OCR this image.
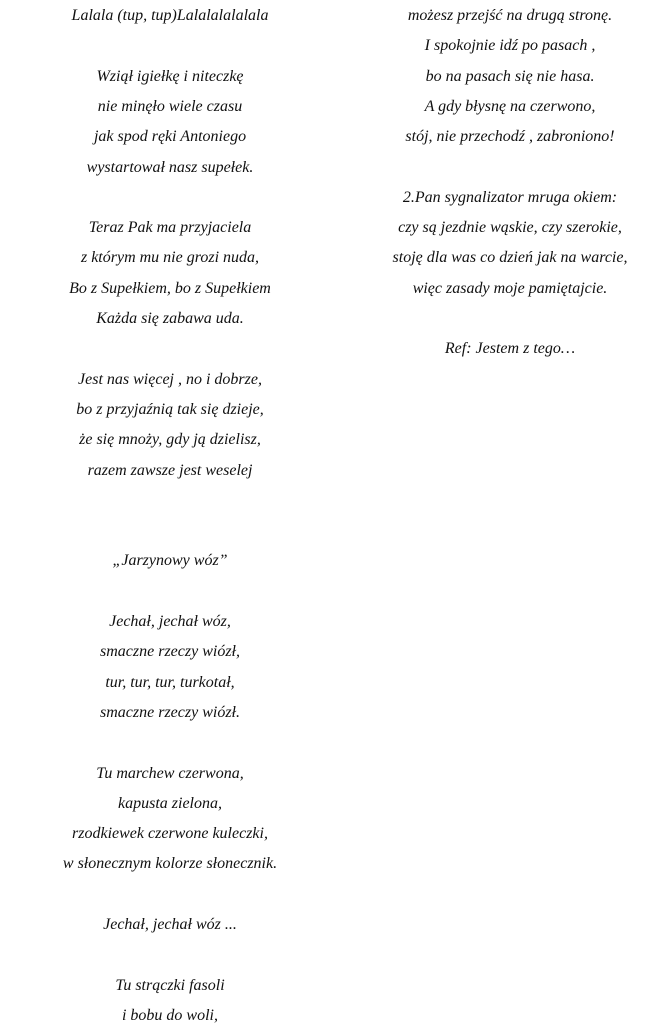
Lalala (tup, tup)Lalalalalalala
Wziął igiełkę i niteczkę
nie minęło wiele czasu
jak spod ręki Antoniego
wystartował nasz supełek.
Teraz Pak ma przyjaciela
z którym mu nie grozi nuda,
Bo z Supełkiem, bo z Supełkiem
Każda się zabawa uda.
Jest nas więcej , no i dobrze,
bo z przyjaźnią tak się dzieje,
że się mnoży, gdy ją dzielisz,
razem zawsze jest weselej
„Jarzynowy wóz”
Jechał, jechał wóz,
smaczne rzeczy wiózł,
tur, tur, tur, turkotał,
smaczne rzeczy wiózł.
Tu marchew czerwona,
kapusta zielona,
rzodkiewek czerwone kuleczki,
w słonecznym kolorze słonecznik.
Jechał, jechał wóz ...
Tu strączki fasoli
i bobu do woli,
możesz przejść na drugą stronę.
I spokojnie idź po pasach ,
bo na pasach się nie hasa.
A gdy błysnę na czerwono,
stój, nie przechodź , zabroniono!
2.Pan sygnalizator mruga okiem:
czy są jezdnie wąskie, czy szerokie,
stoję dla was co dzień jak na warcie,
więc zasady moje pamiętajcie.
Ref: Jestem z tego…
